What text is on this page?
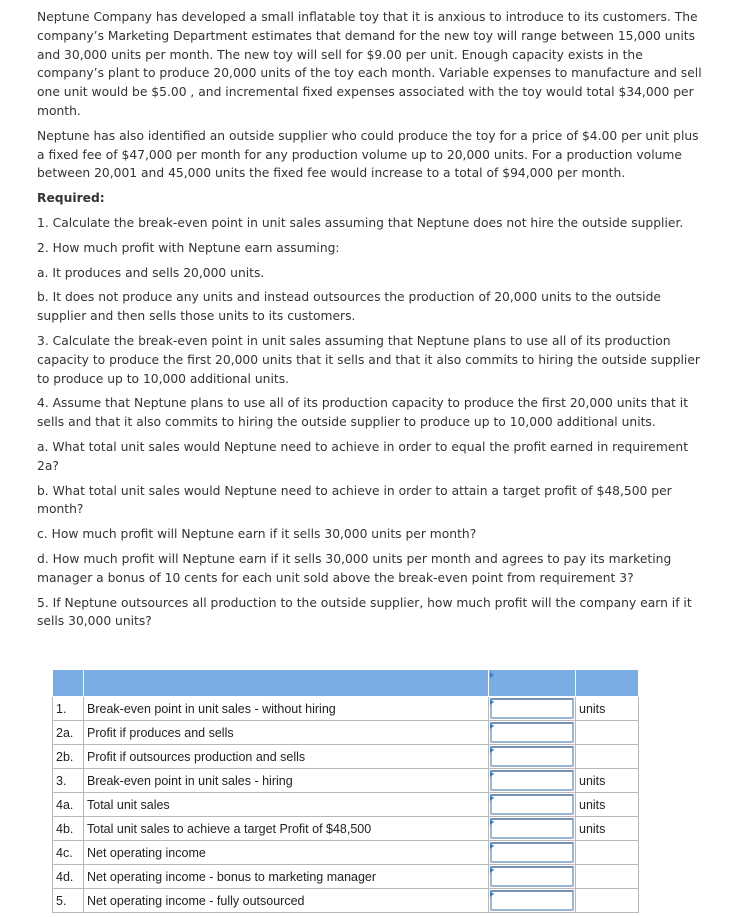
Neptune Company has developed a small inflatable toy that it is anxious to introduce to its customers. The company’s Marketing Department estimates that demand for the new toy will range between 15,000 units and 30,000 units per month. The new toy will sell for $9.00 per unit. Enough capacity exists in the company’s plant to produce 20,000 units of the toy each month. Variable expenses to manufacture and sell one unit would be $5.00 , and incremental fixed expenses associated with the toy would total $34,000 per month.

Neptune has also identified an outside supplier who could produce the toy for a price of $4.00 per unit plus a fixed fee of $47,000 per month for any production volume up to 20,000 units. For a production volume between 20,001 and 45,000 units the fixed fee would increase to a total of $94,000 per month.

Required:

1. Calculate the break-even point in unit sales assuming that Neptune does not hire the outside supplier.

2. How much profit with Neptune earn assuming:

a. It produces and sells 20,000 units.

b. It does not produce any units and instead outsources the production of 20,000 units to the outside supplier and then sells those units to its customers.

3. Calculate the break-even point in unit sales assuming that Neptune plans to use all of its production capacity to produce the first 20,000 units that it sells and that it also commits to hiring the outside supplier to produce up to 10,000 additional units.

4. Assume that Neptune plans to use all of its production capacity to produce the first 20,000 units that it sells and that it also commits to hiring the outside supplier to produce up to 10,000 additional units.

a. What total unit sales would Neptune need to achieve in order to equal the profit earned in requirement 2a?

b. What total unit sales would Neptune need to achieve in order to attain a target profit of $48,500 per month?

c. How much profit will Neptune earn if it sells 30,000 units per month?

d. How much profit will Neptune earn if it sells 30,000 units per month and agrees to pay its marketing manager a bonus of 10 cents for each unit sold above the break-even point from requirement 3?

5. If Neptune outsources all production to the outside supplier, how much profit will the company earn if it sells 30,000 units?

1.	Break-even point in unit sales - without hiring		units
2a.	Profit if produces and sells	

2b.	Profit if outsources production and sells	

3.	Break-even point in unit sales - hiring		units
4a.	Total unit sales		units
4b.	Total unit sales to achieve a target Profit of $48,500		units
4c.	Net operating income	

4d.	Net operating income - bonus to marketing manager	

5.	Net operating income - fully outsourced	
